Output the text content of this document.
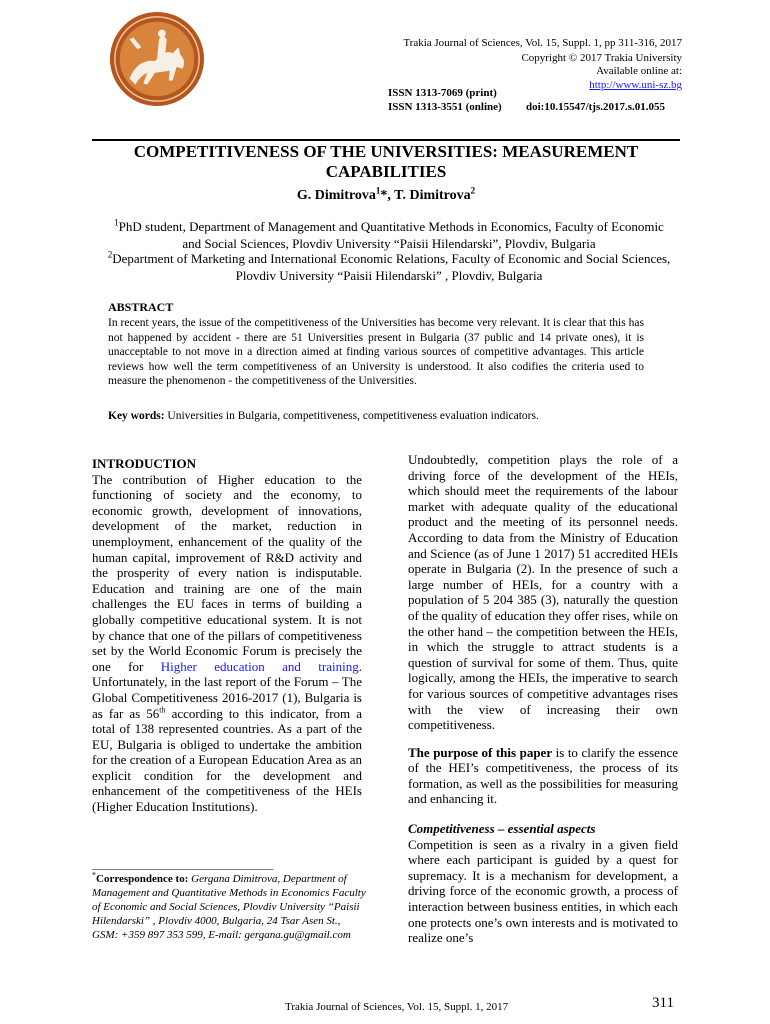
Trakia Journal of Sciences, Vol. 15, Suppl. 1, pp 311-316, 2017
Copyright © 2017 Trakia University
Available online at:
http://www.uni-sz.bg
ISSN 1313-7069 (print)
ISSN 1313-3551 (online) doi:10.15547/tjs.2017.s.01.055
COMPETITIVENESS OF THE UNIVERSITIES: MEASUREMENT
CAPABILITIES
G. Dimitrova$^1$*, T. Dimitrova$^2$
$^1$PhD student, Department of Management and Quantitative Methods in Economics, Faculty of Economic and Social Sciences, Plovdiv University “Paisii Hilendarski”, Plovdiv, Bulgaria
$^2$Department of Marketing and International Economic Relations, Faculty of Economic and Social Sciences, Plovdiv University “Paisii Hilendarski” , Plovdiv, Bulgaria
ABSTRACT
In recent years, the issue of the competitiveness of the Universities has become very relevant. It is clear that this has not happened by accident - there are 51 Universities present in Bulgaria (37 public and 14 private ones), it is unacceptable to not move in a direction aimed at finding various sources of competitive advantages. This article reviews how well the term competitiveness of an University is understood. It also codifies the criteria used to measure the phenomenon - the competitiveness of the Universities.
Key words: Universities in Bulgaria, competitiveness, competitiveness evaluation indicators.
INTRODUCTION

The contribution of Higher education to the functioning of society and the economy, to economic growth, development of innovations, development of the market, reduction in unemployment, enhancement of the quality of the human capital, improvement of R&D activity and the prosperity of every nation is indisputable. Education and training are one of the main challenges the EU faces in terms of building a globally competitive educational system. It is not by chance that one of the pillars of competitiveness set by the World Economic Forum is precisely the one for Higher education and training. Unfortunately, in the last report of the Forum – The Global Competitiveness 2016-2017 (1), Bulgaria is as far as 56th according to this indicator, from a total of 138 represented countries. As a part of the EU, Bulgaria is obliged to undertake the ambition for the creation of a European Education Area as an explicit condition for the development and enhancement of the competitiveness of the HEIs (Higher Education Institutions).

_________________________________
*Correspondence to: Gergana Dimitrova, Department of Management and Quantitative Methods in Economics Faculty of Economic and Social Sciences, Plovdiv University “Paisii Hilendarski” , Plovdiv 4000, Bulgaria, 24 Tsar Asen St., GSM: +359 897 353 599, E-mail: gergana.gu@gmail.com

Undoubtedly, competition plays the role of a driving force of the development of the HEIs, which should meet the requirements of the labour market with adequate quality of the educational product and the meeting of its personnel needs. According to data from the Ministry of Education and Science (as of June 1 2017) 51 accredited HEIs operate in Bulgaria (2). In the presence of such a large number of HEIs, for a country with a population of 5 204 385 (3), naturally the question of the quality of education they offer rises, while on the other hand – the competition between the HEIs, in which the struggle to attract students is a question of survival for some of them. Thus, quite logically, among the HEIs, the imperative to search for various sources of competitive advantages rises with the view of increasing their own competitiveness.

The purpose of this paper is to clarify the essence of the HEI’s competitiveness, the process of its formation, as well as the possibilities for measuring and enhancing it.

Competitiveness – essential aspects

Competition is seen as a rivalry in a given field where each participant is guided by a quest for supremacy. It is a mechanism for development, a driving force of the economic growth, a process of interaction between business entities, in which each one protects one’s own interests and is motivated to realize one’s

Trakia Journal of Sciences, Vol. 15, Suppl. 1, 2017	311
